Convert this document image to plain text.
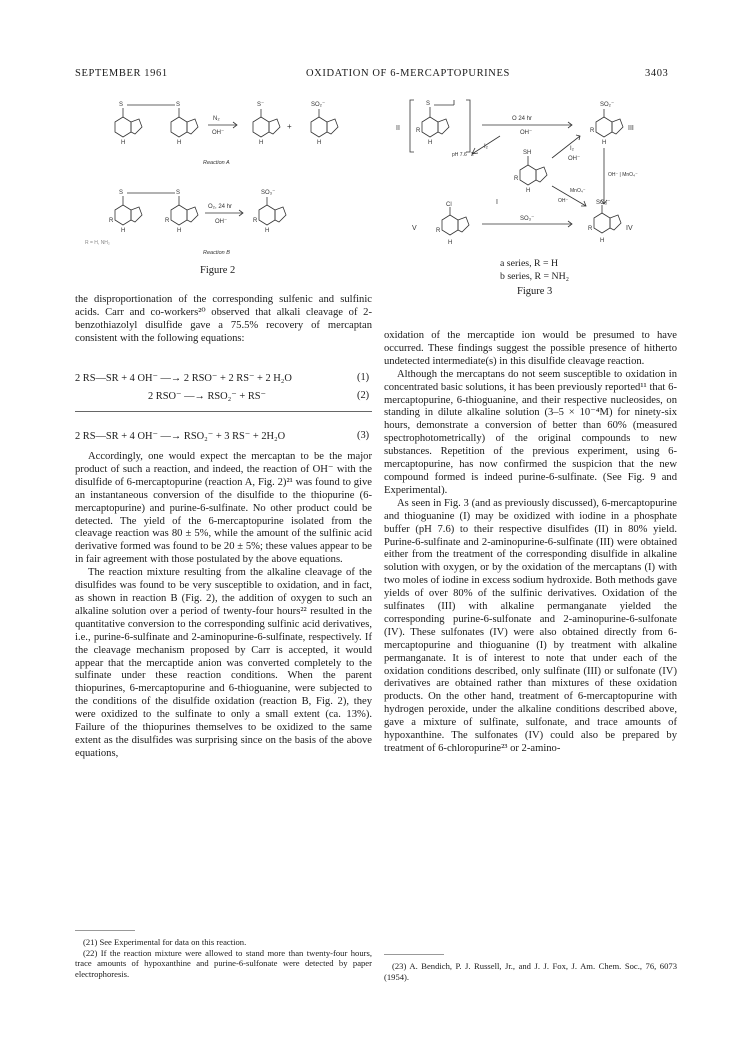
SEPTEMBER 1961	OXIDATION OF 6-MERCAPTOPURINES	3403
S	S
N₂
OH⁻
S⁻
+
SO₂⁻
H	H	H	H
Reaction A
S	S
O₂, 24 hr
OH⁻
SO₃⁻
R	R	R
H	H	H
R = H, NH₂
Reaction B
Figure 2
II
S
2
R
H
O 24 hr
OH⁻
SO₂⁻
R
H
III
I₂
pH 7.6
I₂
OH⁻
SH
R
H
I
OH⁻ | MnO₄⁻
MnO₄⁻
OH⁻
Cl
V	R
H
SO₃⁻
SO₃⁻
R
H
IV
a series, R = H
b series, R = NH₂
Figure 3

the disproportionation of the corresponding sulfenic and sulfinic acids. Carr and co-workers²⁰ observed that alkali cleavage of 2-benzothiazolyl disulfide gave a 75.5% recovery of mercaptan consistent with the following equations:

2 RS—SR + 4 OH⁻ —→ 2 RSO⁻ + 2 RS⁻ + 2 H₂O	(1)
2 RSO⁻ —→ RSO₂⁻ + RS⁻	(2)
2 RS—SR + 4 OH⁻ —→ RSO₂⁻ + 3 RS⁻ + 2H₂O	(3)

Accordingly, one would expect the mercaptan to be the major product of such a reaction, and indeed, the reaction of OH⁻ with the disulfide of 6-mercaptopurine (reaction A, Fig. 2)²¹ was found to give an instantaneous conversion of the disulfide to the thiopurine (6-mercaptopurine) and purine-6-sulfinate. No other product could be detected. The yield of the 6-mercaptopurine isolated from the cleavage reaction was 80 ± 5%, while the amount of the sulfinic acid derivative formed was found to be 20 ± 5%; these values appear to be in fair agreement with those postulated by the above equations.

The reaction mixture resulting from the alkaline cleavage of the disulfides was found to be very susceptible to oxidation, and in fact, as shown in reaction B (Fig. 2), the addition of oxygen to such an alkaline solution over a period of twenty-four hours²² resulted in the quantitative conversion to the corresponding sulfinic acid derivatives, i.e., purine-6-sulfinate and 2-aminopurine-6-sulfinate, respectively. If the cleavage mechanism proposed by Carr is accepted, it would appear that the mercaptide anion was converted completely to the sulfinate under these reaction conditions. When the parent thiopurines, 6-mercaptopurine and 6-thioguanine, were subjected to the conditions of the disulfide oxidation (reaction B, Fig. 2), they were oxidized to the sulfinate to only a small extent (ca. 13%). Failure of the thiopurines themselves to be oxidized to the same extent as the disulfides was surprising since on the basis of the above equations,

(21) See Experimental for data on this reaction.
(22) If the reaction mixture were allowed to stand more than twenty-four hours, trace amounts of hypoxanthine and purine-6-sulfonate were detected by paper electrophoresis.

oxidation of the mercaptide ion would be presumed to have occurred. These findings suggest the possible presence of hitherto undetected intermediate(s) in this disulfide cleavage reaction.

Although the mercaptans do not seem susceptible to oxidation in concentrated basic solutions, it has been previously reported¹¹ that 6-mercaptopurine, 6-thioguanine, and their respective nucleosides, on standing in dilute alkaline solution (3–5 × 10⁻⁴M) for ninety-six hours, demonstrate a conversion of better than 60% (measured spectrophotometrically) of the original compounds to new substances. Repetition of the previous experiment, using 6-mercaptopurine, has now confirmed the suspicion that the new compound formed is indeed purine-6-sulfinate. (See Fig. 9 and Experimental).

As seen in Fig. 3 (and as previously discussed), 6-mercaptopurine and thioguanine (I) may be oxidized with iodine in a phosphate buffer (pH 7.6) to their respective disulfides (II) in 80% yield. Purine-6-sulfinate and 2-aminopurine-6-sulfinate (III) were obtained either from the treatment of the corresponding disulfide in alkaline solution with oxygen, or by the oxidation of the mercaptans (I) with two moles of iodine in excess sodium hydroxide. Both methods gave yields of over 80% of the sulfinic derivatives. Oxidation of the sulfinates (III) with alkaline permanganate yielded the corresponding purine-6-sulfonate and 2-aminopurine-6-sulfonate (IV). These sulfonates (IV) were also obtained directly from 6-mercaptopurine and thioguanine (I) by treatment with alkaline permanganate. It is of interest to note that under each of the oxidation conditions described, only sulfinate (III) or sulfonate (IV) derivatives are obtained rather than mixtures of these oxidation products. On the other hand, treatment of 6-mercaptopurine with hydrogen peroxide, under the alkaline conditions described above, gave a mixture of sulfinate, sulfonate, and trace amounts of hypoxanthine. The sulfonates (IV) could also be prepared by treatment of 6-chloropurine²³ or 2-amino-

(23) A. Bendich, P. J. Russell, Jr., and J. J. Fox, J. Am. Chem. Soc., 76, 6073 (1954).
